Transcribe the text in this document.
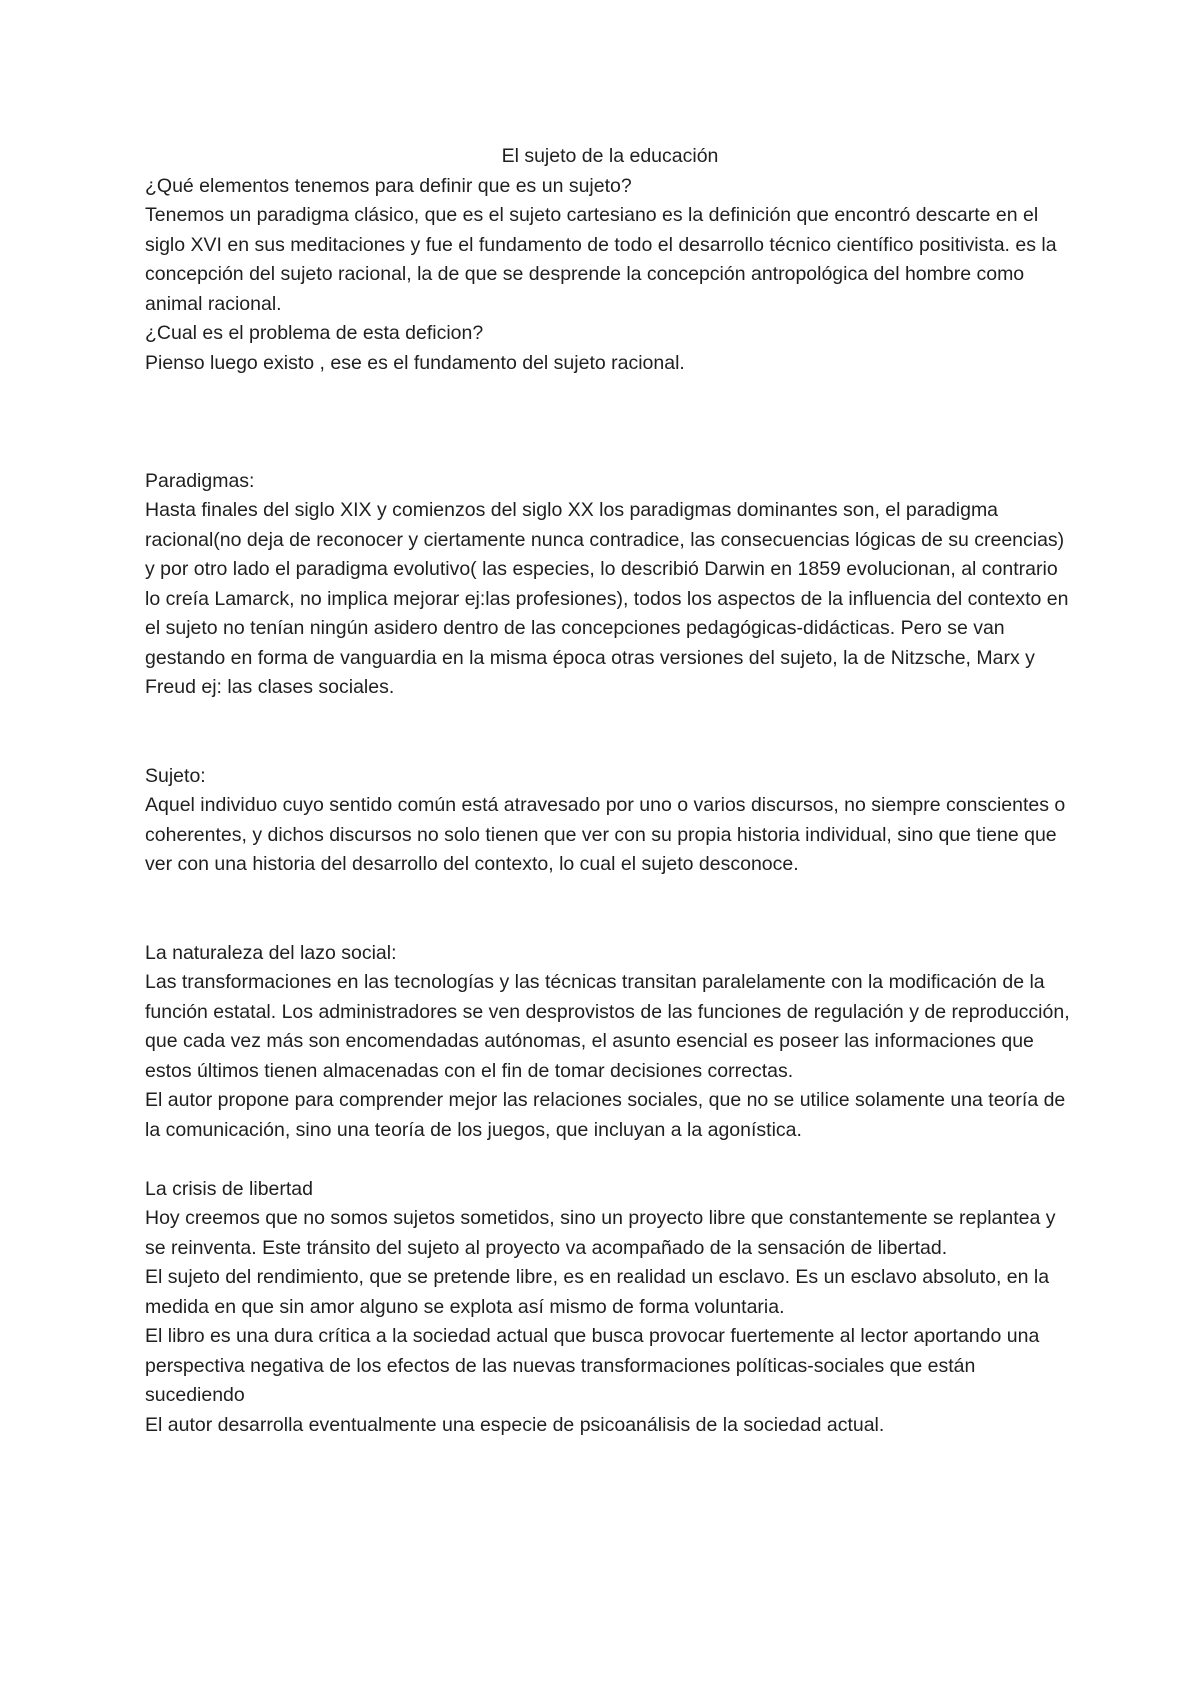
El sujeto de la educación

¿Qué elementos tenemos para definir que es un sujeto?

Tenemos un paradigma clásico, que es el sujeto cartesiano es la definición que encontró descarte en el siglo XVI en sus meditaciones y fue el fundamento de todo el desarrollo técnico científico positivista. es la concepción del sujeto racional, la de que se desprende la concepción antropológica del hombre como animal racional.

¿Cual es el problema de esta deficion?

Pienso luego existo , ese es el fundamento del sujeto racional.

Paradigmas:

Hasta finales del siglo XIX y comienzos del siglo XX los paradigmas dominantes son, el paradigma racional(no deja de reconocer y ciertamente nunca contradice, las consecuencias lógicas de su creencias) y por otro lado el paradigma evolutivo( las especies, lo describió Darwin en 1859 evolucionan, al contrario lo creía Lamarck, no implica mejorar ej:las profesiones), todos los aspectos de la influencia del contexto en el sujeto no tenían ningún asidero dentro de las concepciones pedagógicas-didácticas. Pero se van gestando en forma de vanguardia en la misma época otras versiones del sujeto, la de Nitzsche, Marx y Freud ej: las clases sociales.

Sujeto:

Aquel individuo cuyo sentido común está atravesado por uno o varios discursos, no siempre conscientes o coherentes, y dichos discursos no solo tienen que ver con su propia historia individual, sino que tiene que ver con una historia del desarrollo del contexto, lo cual el sujeto desconoce.

La naturaleza del lazo social:

Las transformaciones en las tecnologías y las técnicas transitan paralelamente con la modificación de la función estatal. Los administradores se ven desprovistos de las funciones de regulación y de reproducción, que cada vez más son encomendadas autónomas, el asunto esencial es poseer las informaciones que estos últimos tienen almacenadas con el fin de tomar decisiones correctas.

El autor propone para comprender mejor las relaciones sociales, que no se utilice solamente una teoría de la comunicación, sino una teoría de los juegos, que incluyan a la agonística.

La crisis de libertad

Hoy creemos que no somos sujetos sometidos, sino un proyecto libre que constantemente se replantea y se reinventa. Este tránsito del sujeto al proyecto va acompañado de la sensación de libertad.

El sujeto del rendimiento, que se pretende libre, es en realidad un esclavo. Es un esclavo absoluto, en la medida en que sin amor alguno se explota así mismo de forma voluntaria.

El libro es una dura crítica a la sociedad actual que busca provocar fuertemente al lector aportando una perspectiva negativa de los efectos de las nuevas transformaciones políticas-sociales que están sucediendo

El autor desarrolla eventualmente una especie de psicoanálisis de la sociedad actual.
